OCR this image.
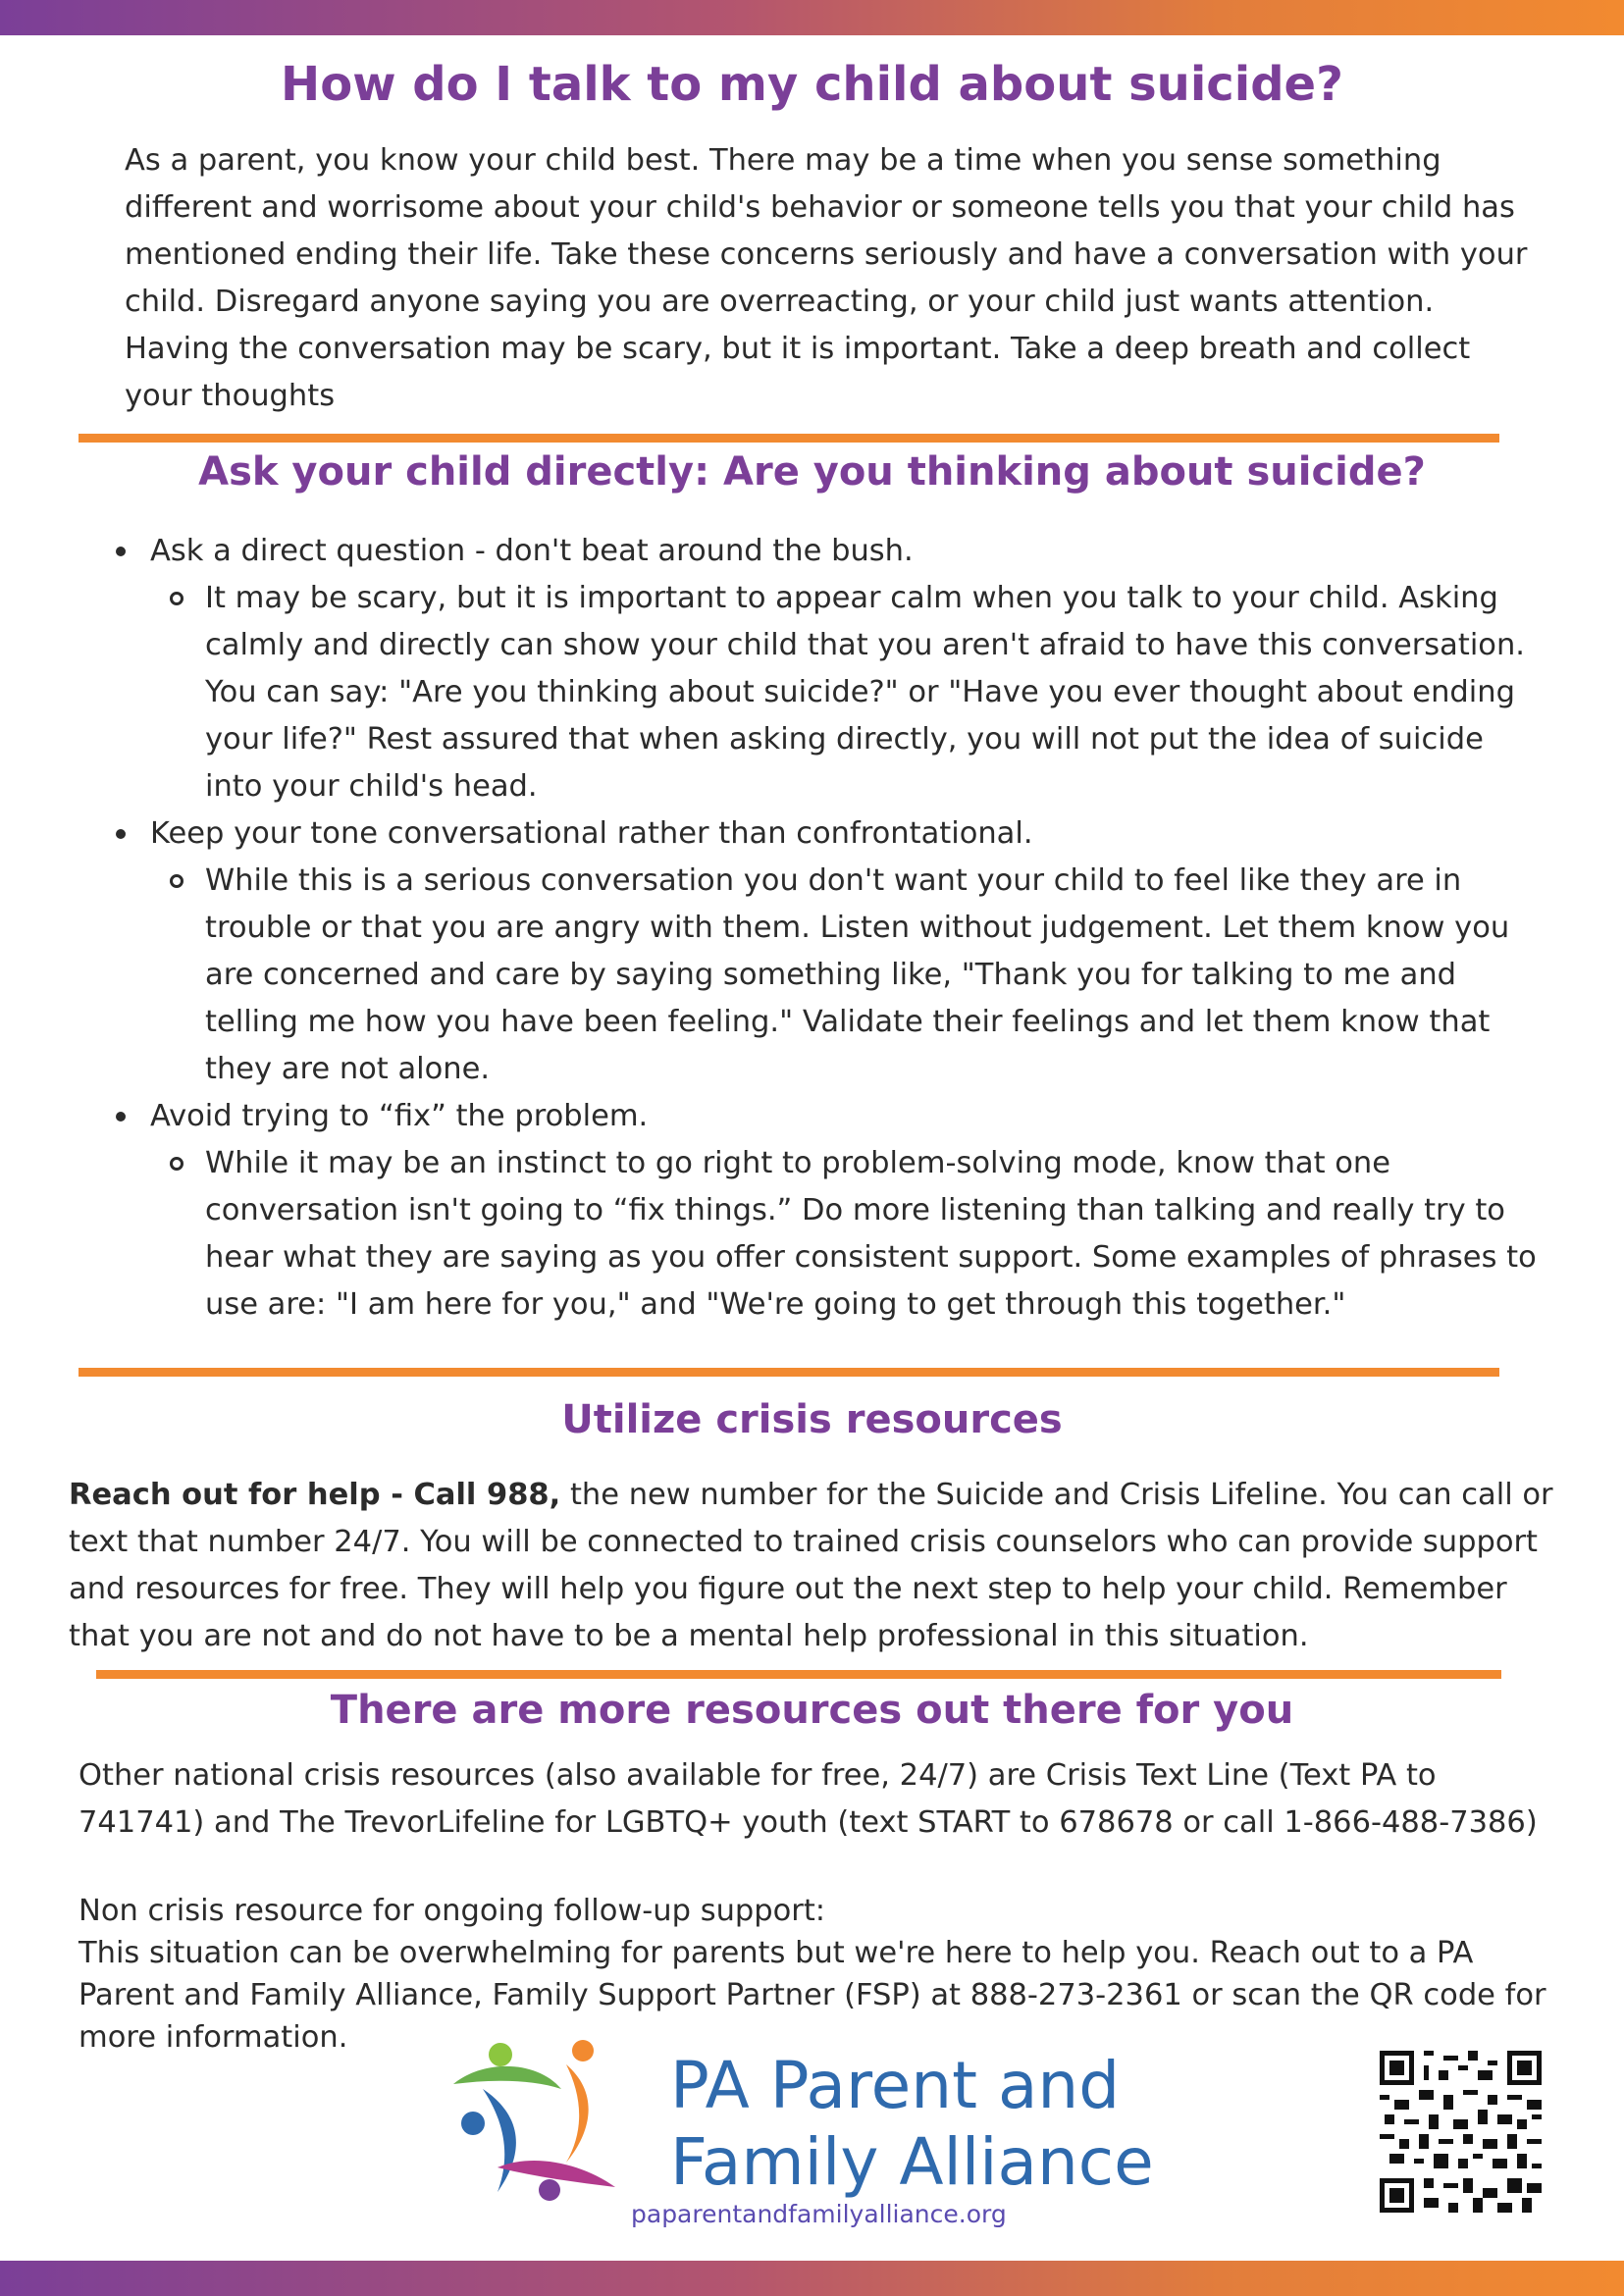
How do I talk to my child about suicide?

As a parent, you know your child best. There may be a time when you sense something different and worrisome about your child's behavior or someone tells you that your child has mentioned ending their life. Take these concerns seriously and have a conversation with your child. Disregard anyone saying you are overreacting, or your child just wants attention. Having the conversation may be scary, but it is important. Take a deep breath and collect your thoughts

Ask your child directly: Are you thinking about suicide?
Ask a direct question - don't beat around the bush.
It may be scary, but it is important to appear calm when you talk to your child. Asking calmly and directly can show your child that you aren't afraid to have this conversation. You can say: "Are you thinking about suicide?" or "Have you ever thought about ending your life?" Rest assured that when asking directly, you will not put the idea of suicide into your child's head.
Keep your tone conversational rather than confrontational.
While this is a serious conversation you don't want your child to feel like they are in trouble or that you are angry with them. Listen without judgement. Let them know you are concerned and care by saying something like, "Thank you for talking to me and telling me how you have been feeling." Validate their feelings and let them know that they are not alone.
Avoid trying to “fix” the problem.
While it may be an instinct to go right to problem-solving mode, know that one conversation isn't going to “fix things.” Do more listening than talking and really try to hear what they are saying as you offer consistent support. Some examples of phrases to use are: "I am here for you," and "We're going to get through this together."
Utilize crisis resources

Reach out for help - Call 988, the new number for the Suicide and Crisis Lifeline. You can call or text that number 24/7. You will be connected to trained crisis counselors who can provide support and resources for free. They will help you figure out the next step to help your child. Remember that you are not and do not have to be a mental help professional in this situation.

There are more resources out there for you

Other national crisis resources (also available for free, 24/7) are Crisis Text Line (Text PA to 741741) and The TrevorLifeline for LGBTQ+ youth (text START to 678678 or call 1-866-488-7386)

Non crisis resource for ongoing follow-up support:
This situation can be overwhelming for parents but we're here to help you. Reach out to a PA Parent and Family Alliance, Family Support Partner (FSP) at 888-273-2361 or scan the QR code for more information.
PA Parent and
Family Alliance
paparentandfamilyalliance.org
